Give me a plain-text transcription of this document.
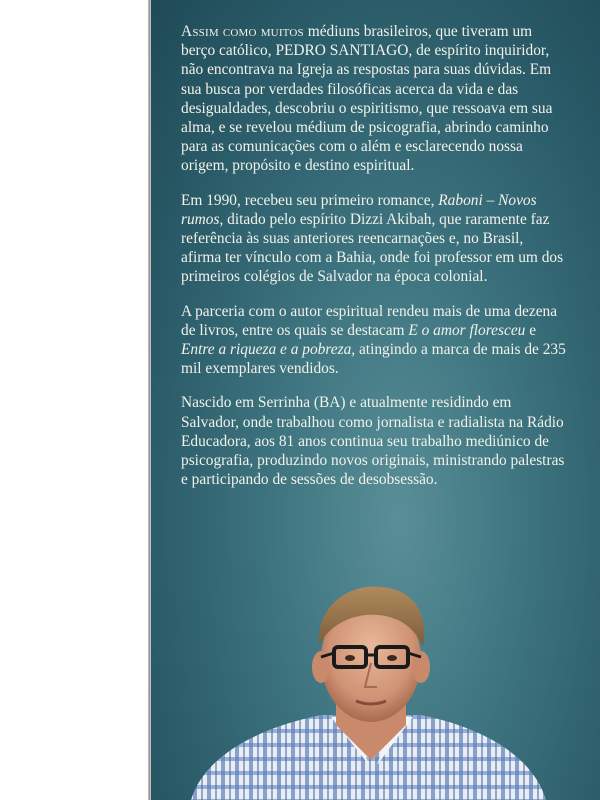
Assim como muitos médiuns brasileiros, que tiveram um berço católico, PEDRO SANTIAGO, de espírito inquiridor, não encontrava na Igreja as respostas para suas dúvidas. Em sua busca por verdades filosóficas acerca da vida e das desigualdades, descobriu o espiritismo, que ressoava em sua alma, e se revelou médium de psicografia, abrindo caminho para as comunicações com o além e esclarecendo nossa origem, propósito e destino espiritual.

Em 1990, recebeu seu primeiro romance, Raboni – Novos rumos, ditado pelo espírito Dizzi Akibah, que raramente faz referência às suas anteriores reencarnações e, no Brasil, afirma ter vínculo com a Bahia, onde foi professor em um dos primeiros colégios de Salvador na época colonial.

A parceria com o autor espiritual rendeu mais de uma dezena de livros, entre os quais se destacam E o amor floresceu e Entre a riqueza e a pobreza, atingindo a marca de mais de 235 mil exemplares vendidos.

Nascido em Serrinha (BA) e atualmente residindo em Salvador, onde trabalhou como jornalista e radialista na Rádio Educadora, aos 81 anos continua seu trabalho mediúnico de psicografia, produzindo novos originais, ministrando palestras e participando de sessões de desobsessão.
